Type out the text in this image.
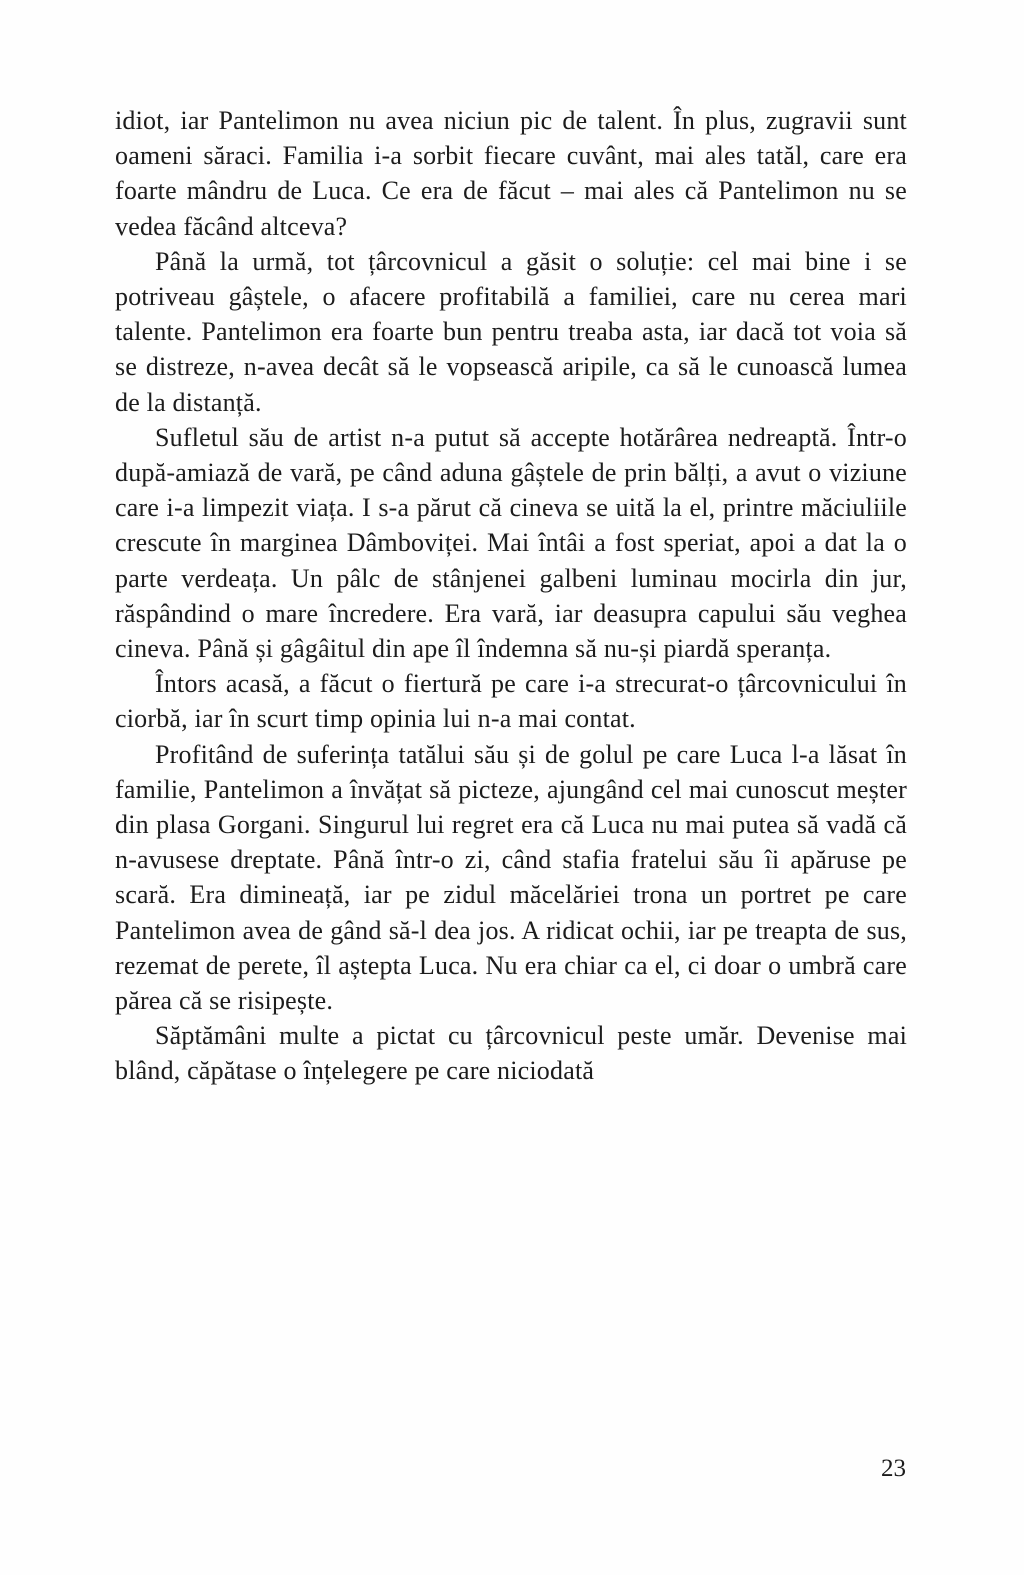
idiot, iar Pantelimon nu avea niciun pic de talent. În plus, zugravii sunt oameni săraci. Familia i-a sorbit fiecare cuvânt, mai ales tatăl, care era foarte mândru de Luca. Ce era de făcut – mai ales că Pantelimon nu se vedea făcând altceva?

Până la urmă, tot țârcovnicul a găsit o soluție: cel mai bine i se potriveau gâștele, o afacere profitabilă a familiei, care nu cerea mari talente. Pantelimon era foarte bun pentru treaba asta, iar dacă tot voia să se distreze, n-avea decât să le vopsească aripile, ca să le cunoască lumea de la distanță.

Sufletul său de artist n-a putut să accepte hotărârea nedreaptă. Într-o după-amiază de vară, pe când aduna gâștele de prin bălți, a avut o viziune care i-a limpezit viața. I s-a părut că cineva se uită la el, printre măciuliile crescute în marginea Dâmboviței. Mai întâi a fost speriat, apoi a dat la o parte verdeața. Un pâlc de stânjenei galbeni luminau mocirla din jur, răspândind o mare încredere. Era vară, iar deasupra capului său veghea cineva. Până și gâgâitul din ape îl îndemna să nu-și piardă speranța.

Întors acasă, a făcut o fiertură pe care i-a strecurat-o țârcovnicului în ciorbă, iar în scurt timp opinia lui n-a mai contat.

Profitând de suferința tatălui său și de golul pe care Luca l-a lăsat în familie, Pantelimon a învățat să picteze, ajungând cel mai cunoscut meșter din plasa Gorgani. Singurul lui regret era că Luca nu mai putea să vadă că n-avusese dreptate. Până într-o zi, când stafia fratelui său îi apăruse pe scară. Era dimineață, iar pe zidul măcelăriei trona un portret pe care Pantelimon avea de gând să-l dea jos. A ridicat ochii, iar pe treapta de sus, rezemat de perete, îl aștepta Luca. Nu era chiar ca el, ci doar o umbră care părea că se risipește.

Săptămâni multe a pictat cu țârcovnicul peste umăr. Devenise mai blând, căpătase o înțelegere pe care niciodată

23
